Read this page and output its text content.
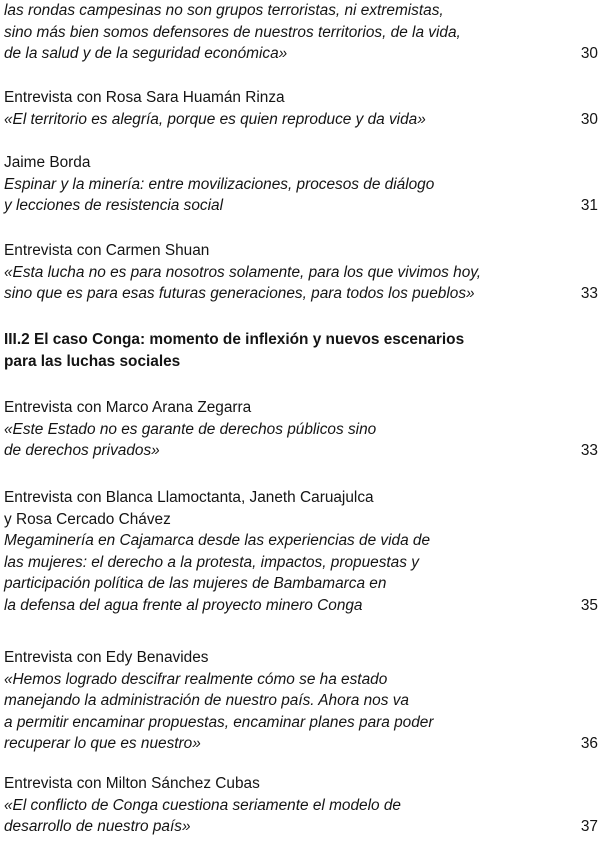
las rondas campesinas no son grupos terroristas, ni extremistas,
sino más bien somos defensores de nuestros territorios, de la vida,
de la salud y de la seguridad económica»	30
Entrevista con Rosa Sara Huamán Rinza
«El territorio es alegría, porque es quien reproduce y da vida»	30
Jaime Borda
Espinar y la minería: entre movilizaciones, procesos de diálogo
y lecciones de resistencia social	31
Entrevista con Carmen Shuan
«Esta lucha no es para nosotros solamente, para los que vivimos hoy,
sino que es para esas futuras generaciones, para todos los pueblos»	33
III.2 El caso Conga: momento de inflexión y nuevos escenarios
para las luchas sociales
Entrevista con Marco Arana Zegarra
«Este Estado no es garante de derechos públicos sino
de derechos privados»	33
Entrevista con Blanca Llamoctanta, Janeth Caruajulca
y Rosa Cercado Chávez
Megaminería en Cajamarca desde las experiencias de vida de
las mujeres: el derecho a la protesta, impactos, propuestas y
participación política de las mujeres de Bambamarca en
la defensa del agua frente al proyecto minero Conga	35
Entrevista con Edy Benavides
«Hemos logrado descifrar realmente cómo se ha estado
manejando la administración de nuestro país. Ahora nos va
a permitir encaminar propuestas, encaminar planes para poder
recuperar lo que es nuestro»	36
Entrevista con Milton Sánchez Cubas
«El conflicto de Conga cuestiona seriamente el modelo de
desarrollo de nuestro país»	37
